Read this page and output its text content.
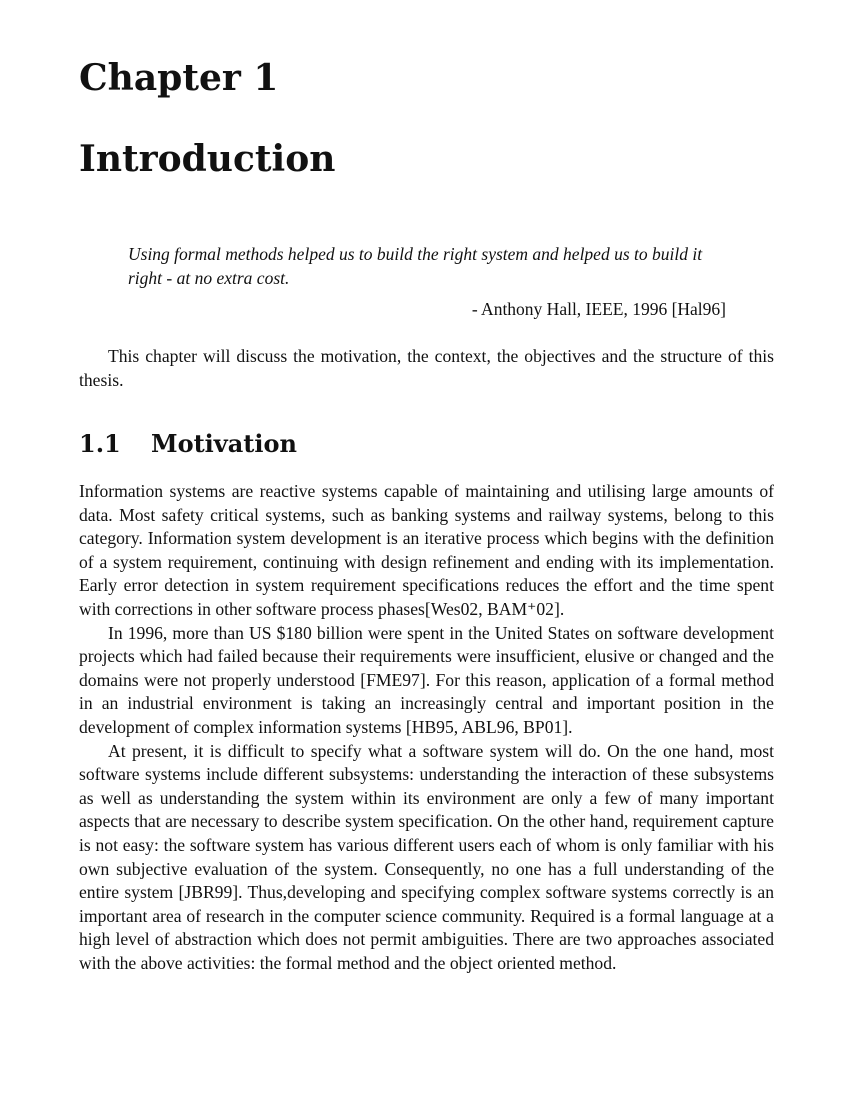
Chapter 1
Introduction

Using formal methods helped us to build the right system and helped us to build it right - at no extra cost.

- Anthony Hall, IEEE, 1996 [Hal96]

This chapter will discuss the motivation, the context, the objectives and the structure of this thesis.

1.1 Motivation

Information systems are reactive systems capable of maintaining and utilising large amounts of data. Most safety critical systems, such as banking systems and railway systems, belong to this category. Information system development is an iterative process which begins with the definition of a system requirement, continuing with design refinement and ending with its implementation. Early error detection in system requirement specifications reduces the effort and the time spent with corrections in other software process phases[Wes02, BAM⁺02].

In 1996, more than US $180 billion were spent in the United States on software development projects which had failed because their requirements were insufficient, elusive or changed and the domains were not properly understood [FME97]. For this reason, application of a formal method in an industrial environment is taking an increasingly central and important position in the development of complex information systems [HB95, ABL96, BP01].

At present, it is difficult to specify what a software system will do. On the one hand, most software systems include different subsystems: understanding the interaction of these subsystems as well as understanding the system within its environment are only a few of many important aspects that are necessary to describe system specification. On the other hand, requirement capture is not easy: the software system has various different users each of whom is only familiar with his own subjective evaluation of the system. Consequently, no one has a full understanding of the entire system [JBR99]. Thus,developing and specifying complex software systems correctly is an important area of research in the computer science community. Required is a formal language at a high level of abstraction which does not permit ambiguities. There are two approaches associated with the above activities: the formal method and the object oriented method.
